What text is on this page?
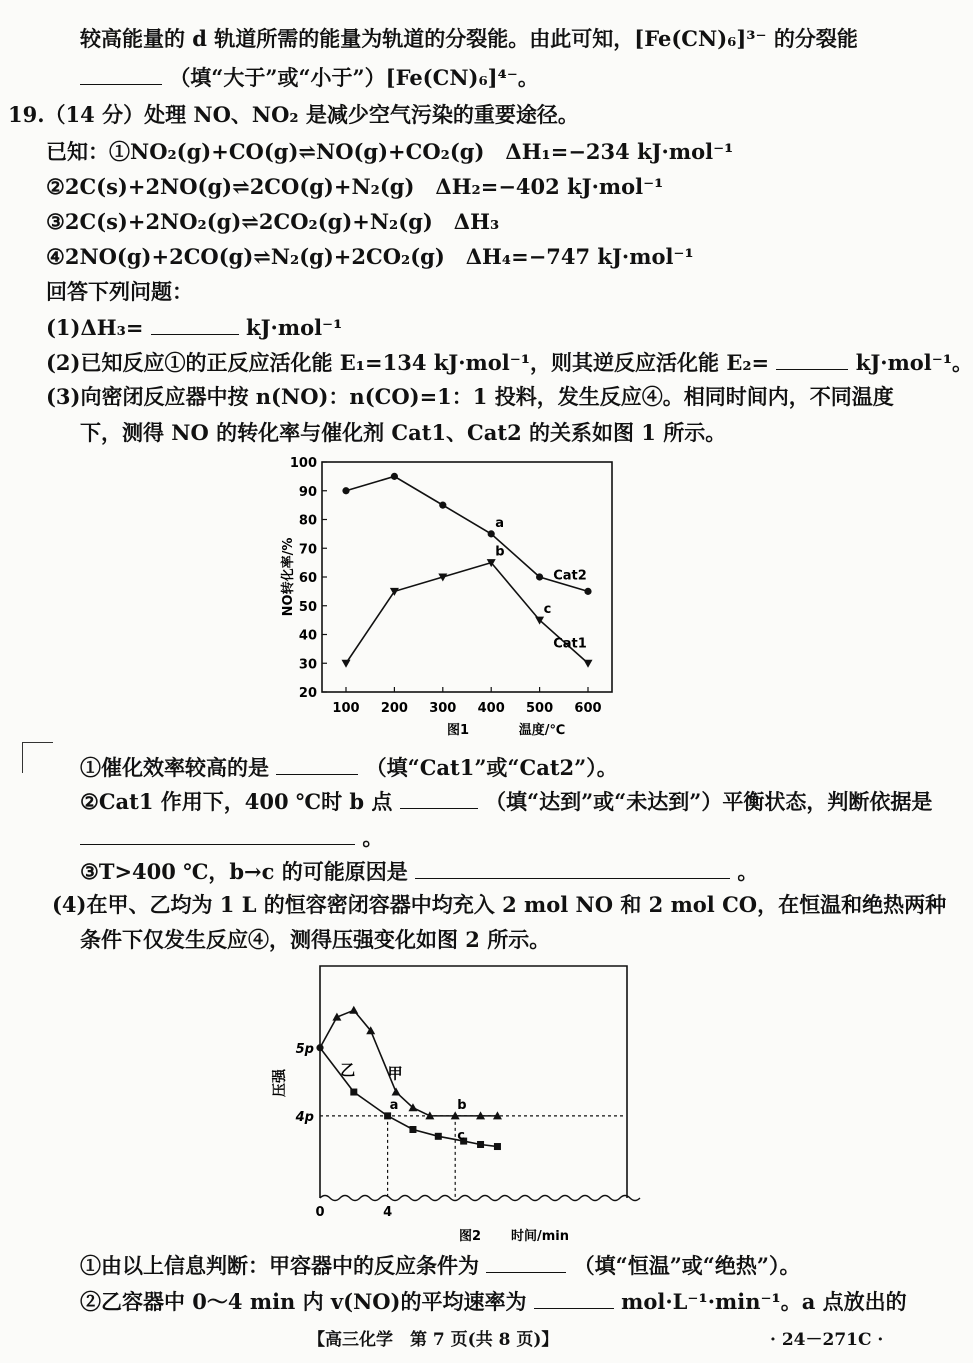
较高能量的 d 轨道所需的能量为轨道的分裂能。由此可知，[Fe(CN)₆]³⁻ 的分裂能
（填“大于”或“小于”）[Fe(CN)₆]⁴⁻。
19.（14 分）处理 NO、NO₂ 是减少空气污染的重要途径。
已知：①NO₂(g)+CO(g)⇌NO(g)+CO₂(g)　ΔH₁=−234 kJ·mol⁻¹
②2C(s)+2NO(g)⇌2CO(g)+N₂(g)　ΔH₂=−402 kJ·mol⁻¹
③2C(s)+2NO₂(g)⇌2CO₂(g)+N₂(g)　ΔH₃
④2NO(g)+2CO(g)⇌N₂(g)+2CO₂(g)　ΔH₄=−747 kJ·mol⁻¹
回答下列问题：
(1)ΔH₃=	kJ·mol⁻¹
(2)已知反应①的正反应活化能 E₁=134 kJ·mol⁻¹，则其逆反应活化能 E₂=	kJ·mol⁻¹。
(3)向密闭反应器中按 n(NO)：n(CO)=1：1 投料，发生反应④。相同时间内，不同温度
下，测得 NO 的转化率与催化剂 Cat1、Cat2 的关系如图 1 所示。
20
30
40
50
60
70
80
90
100
100 200 300 400 500 600
NO转化率/%
图1	温度/℃
Cat2
Cat1
a
b
c
①催化效率较高的是	（填“Cat1”或“Cat2”）。
②Cat1 作用下，400 ℃时 b 点	（填“达到”或“未达到”）平衡状态，判断依据是
。
③T>400 ℃，b→c 的可能原因是	。
(4)在甲、乙均为 1 L 的恒容密闭容器中均充入 2 mol NO 和 2 mol CO，在恒温和绝热两种
条件下仅发生反应④，测得压强变化如图 2 所示。
4p
5p
0	4
压强
图2 时间/min
乙 甲
a	b
c
①由以上信息判断：甲容器中的反应条件为	（填“恒温”或“绝热”）。
②乙容器中 0～4 min 内 v(NO)的平均速率为	mol·L⁻¹·min⁻¹。a 点放出的
【高三化学　第 7 页(共 8 页)】	· 24－271C ·
